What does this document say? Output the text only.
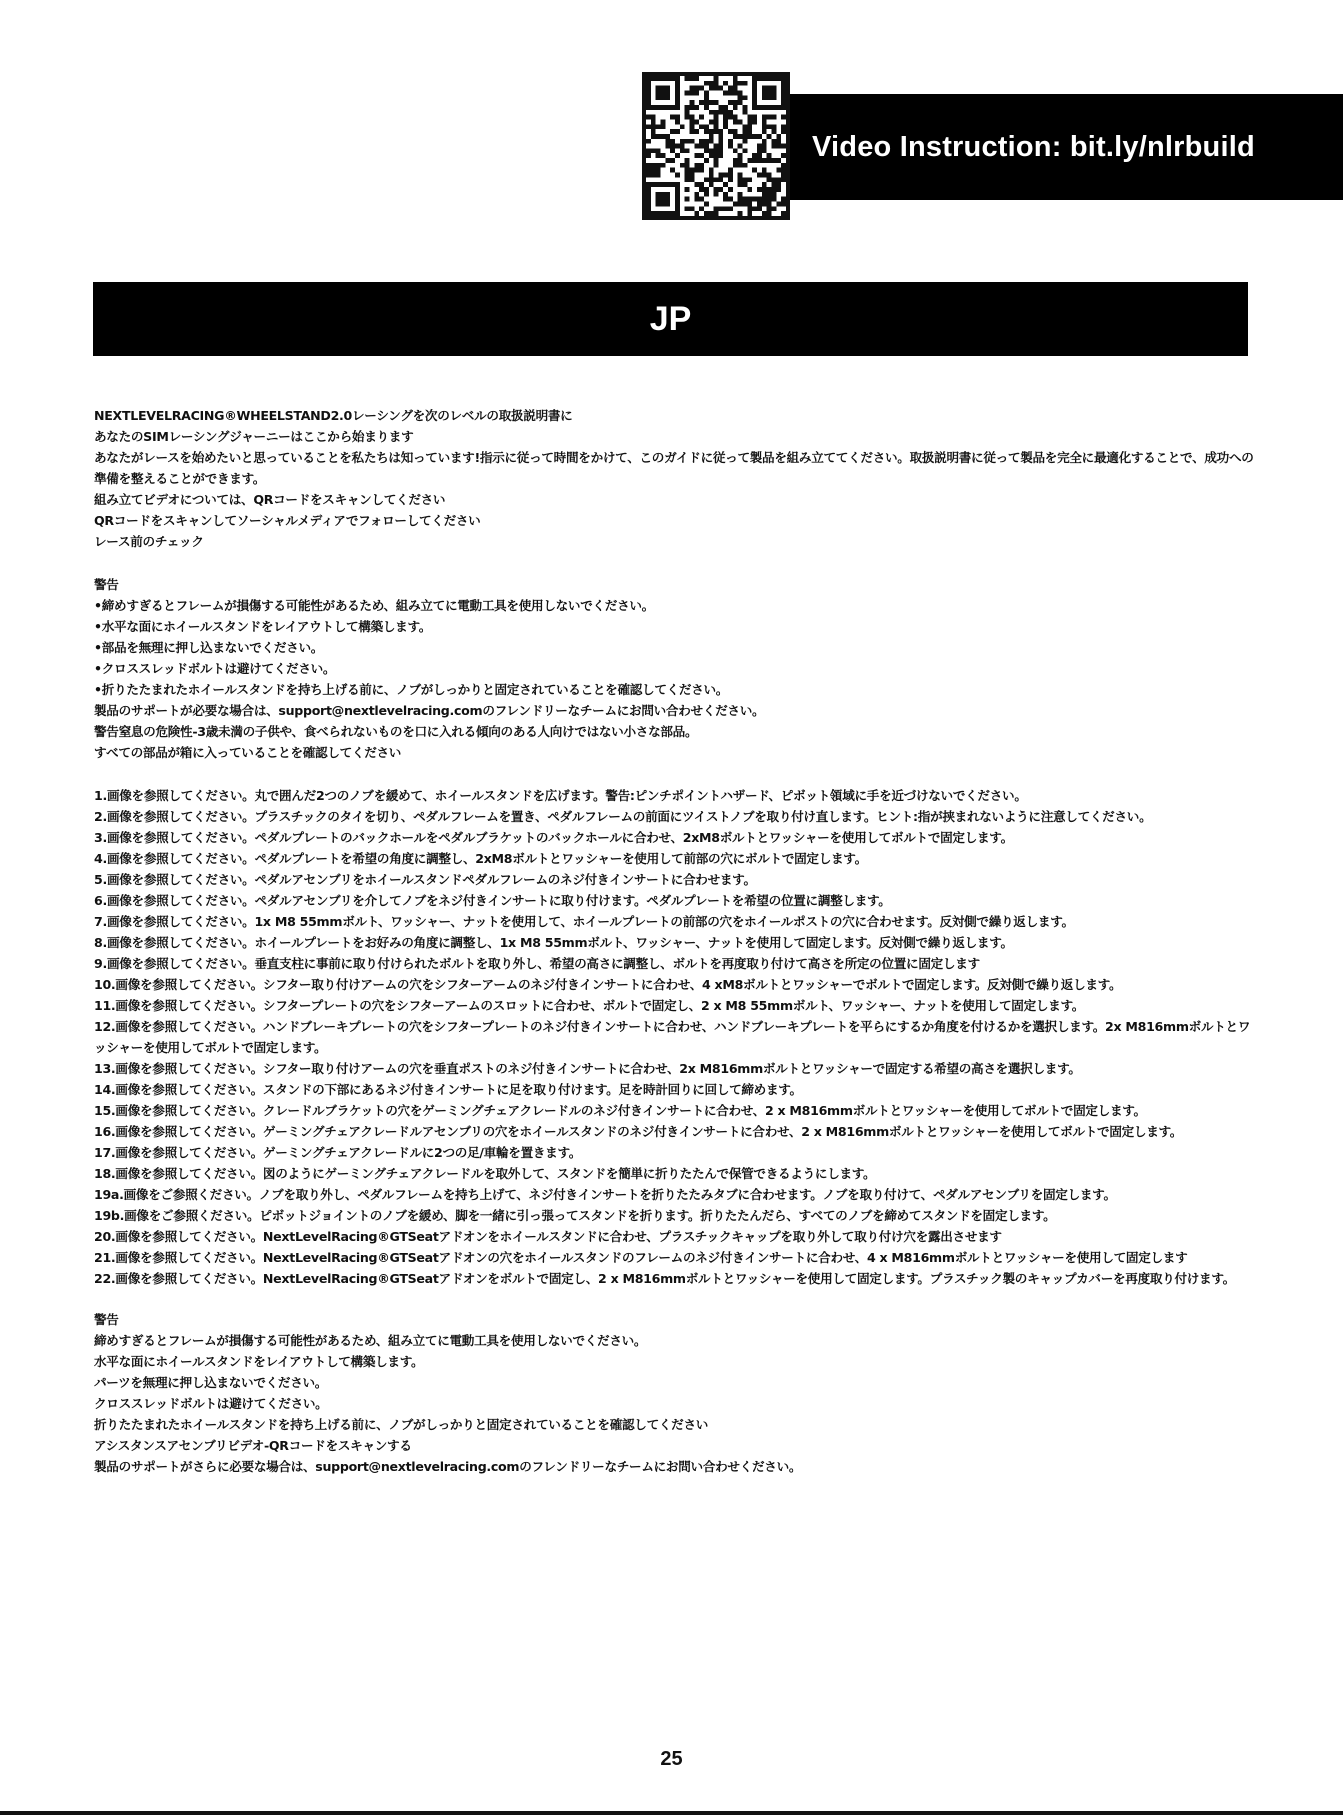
Video Instruction: bit.ly/nlrbuild
JP

NEXTLEVELRACING®WHEELSTAND2.0レーシングを次のレベルの取扱説明書に

あなたのSIMレーシングジャーニーはここから始まります

あなたがレースを始めたいと思っていることを私たちは知っています!指示に従って時間をかけて、このガイドに従って製品を組み立ててください。取扱説明書に従って製品を完全に最適化することで、成功への準備を整えることができます。

組み立てビデオについては、QRコードをスキャンしてください

QRコードをスキャンしてソーシャルメディアでフォローしてください

レース前のチェック

警告

•締めすぎるとフレームが損傷する可能性があるため、組み立てに電動工具を使用しないでください。

•水平な面にホイールスタンドをレイアウトして構築します。

•部品を無理に押し込まないでください。

•クロススレッドボルトは避けてください。

•折りたたまれたホイールスタンドを持ち上げる前に、ノブがしっかりと固定されていることを確認してください。

製品のサポートが必要な場合は、support@nextlevelracing.comのフレンドリーなチームにお問い合わせください。

警告窒息の危険性-3歳未満の子供や、食べられないものを口に入れる傾向のある人向けではない小さな部品。

すべての部品が箱に入っていることを確認してください

1.画像を参照してください。丸で囲んだ2つのノブを緩めて、ホイールスタンドを広げます。警告:ピンチポイントハザード、ピボット領域に手を近づけないでください。

2.画像を参照してください。プラスチックのタイを切り、ペダルフレームを置き、ペダルフレームの前面にツイストノブを取り付け直します。ヒント:指が挟まれないように注意してください。

3.画像を参照してください。ペダルプレートのバックホールをペダルブラケットのバックホールに合わせ、2xM8ボルトとワッシャーを使用してボルトで固定します。

4.画像を参照してください。ペダルプレートを希望の角度に調整し、2xM8ボルトとワッシャーを使用して前部の穴にボルトで固定します。

5.画像を参照してください。ペダルアセンブリをホイールスタンドペダルフレームのネジ付きインサートに合わせます。

6.画像を参照してください。ペダルアセンブリを介してノブをネジ付きインサートに取り付けます。ペダルプレートを希望の位置に調整します。

7.画像を参照してください。1x M8 55mmボルト、ワッシャー、ナットを使用して、ホイールプレートの前部の穴をホイールポストの穴に合わせます。反対側で繰り返します。

8.画像を参照してください。ホイールプレートをお好みの角度に調整し、1x M8 55mmボルト、ワッシャー、ナットを使用して固定します。反対側で繰り返します。

9.画像を参照してください。垂直支柱に事前に取り付けられたボルトを取り外し、希望の高さに調整し、ボルトを再度取り付けて高さを所定の位置に固定します

10.画像を参照してください。シフター取り付けアームの穴をシフターアームのネジ付きインサートに合わせ、4 xM8ボルトとワッシャーでボルトで固定します。反対側で繰り返します。

11.画像を参照してください。シフタープレートの穴をシフターアームのスロットに合わせ、ボルトで固定し、2 x M8 55mmボルト、ワッシャー、ナットを使用して固定します。

12.画像を参照してください。ハンドブレーキプレートの穴をシフタープレートのネジ付きインサートに合わせ、ハンドブレーキプレートを平らにするか角度を付けるかを選択します。2x M816mmボルトとワッシャーを使用してボルトで固定します。

13.画像を参照してください。シフター取り付けアームの穴を垂直ポストのネジ付きインサートに合わせ、2x M816mmボルトとワッシャーで固定する希望の高さを選択します。

14.画像を参照してください。スタンドの下部にあるネジ付きインサートに足を取り付けます。足を時計回りに回して締めます。

15.画像を参照してください。クレードルブラケットの穴をゲーミングチェアクレードルのネジ付きインサートに合わせ、2 x M816mmボルトとワッシャーを使用してボルトで固定します。

16.画像を参照してください。ゲーミングチェアクレードルアセンブリの穴をホイールスタンドのネジ付きインサートに合わせ、2 x M816mmボルトとワッシャーを使用してボルトで固定します。

17.画像を参照してください。ゲーミングチェアクレードルに2つの足/車輪を置きます。

18.画像を参照してください。図のようにゲーミングチェアクレードルを取外して、スタンドを簡単に折りたたんで保管できるようにします。

19a.画像をご参照ください。ノブを取り外し、ペダルフレームを持ち上げて、ネジ付きインサートを折りたたみタブに合わせます。ノブを取り付けて、ペダルアセンブリを固定します。

19b.画像をご参照ください。ピボットジョイントのノブを緩め、脚を一緒に引っ張ってスタンドを折ります。折りたたんだら、すべてのノブを締めてスタンドを固定します。

20.画像を参照してください。NextLevelRacing®GTSeatアドオンをホイールスタンドに合わせ、プラスチックキャップを取り外して取り付け穴を露出させます

21.画像を参照してください。NextLevelRacing®GTSeatアドオンの穴をホイールスタンドのフレームのネジ付きインサートに合わせ、4 x M816mmボルトとワッシャーを使用して固定します

22.画像を参照してください。NextLevelRacing®GTSeatアドオンをボルトで固定し、2 x M816mmボルトとワッシャーを使用して固定します。プラスチック製のキャップカバーを再度取り付けます。

警告

締めすぎるとフレームが損傷する可能性があるため、組み立てに電動工具を使用しないでください。

水平な面にホイールスタンドをレイアウトして構築します。

パーツを無理に押し込まないでください。

クロススレッドボルトは避けてください。

折りたたまれたホイールスタンドを持ち上げる前に、ノブがしっかりと固定されていることを確認してください

アシスタンスアセンブリビデオ-QRコードをスキャンする

製品のサポートがさらに必要な場合は、support@nextlevelracing.comのフレンドリーなチームにお問い合わせください。

25
